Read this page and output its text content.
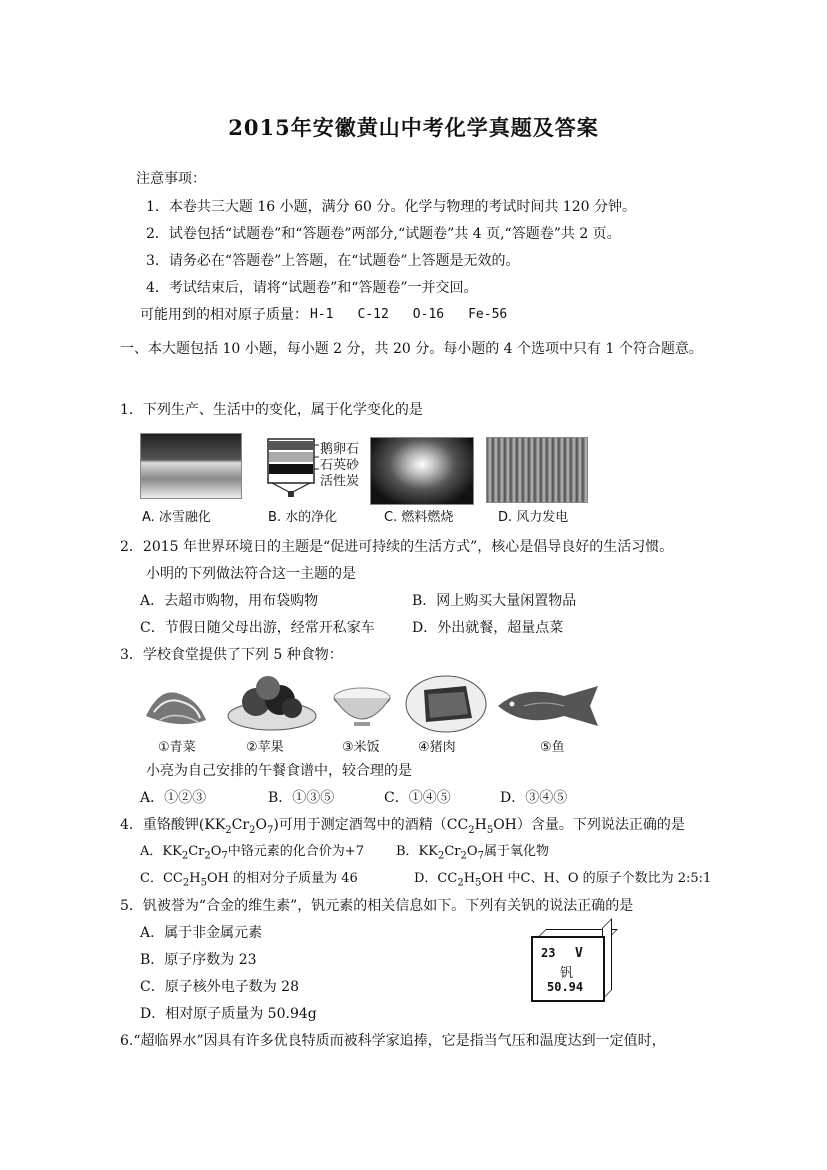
2015年安徽黄山中考化学真题及答案
注意事项：
1．本卷共三大题 16 小题，满分 60 分。化学与物理的考试时间共 120 分钟。
2．试卷包括“试题卷”和“答题卷”两部分,“试题卷”共 4 页,“答题卷”共 2 页。
3．请务必在“答题卷”上答题，在“试题卷”上答题是无效的。
4．考试结束后，请将“试题卷”和“答题卷”一并交回。
可能用到的相对原子质量： H-1 C-12 O-16 Fe-56
一、本大题包括 10 小题，每小题 2 分，共 20 分。每小题的 4 个选项中只有 1 个符合题意。
1．下列生产、生活中的变化，属于化学变化的是
鹅卵石
石英砂
活性炭
A. 冰雪融化	B. 水的净化	C. 燃料燃烧	D. 风力发电
2．2015 年世界环境日的主题是“促进可持续的生活方式”，核心是倡导良好的生活习惯。
小明的下列做法符合这一主题的是
A．去超市购物，用布袋购物	B．网上购买大量闲置物品
C．节假日随父母出游，经常开私家车	D．外出就餐，超量点菜
3．学校食堂提供了下列 5 种食物：
①青菜	②苹果	③米饭	④猪肉	⑤鱼
小亮为自己安排的午餐食谱中，较合理的是
A．①②③	B．①③⑤	C．①④⑤	D．③④⑤
4．重铬酸钾(K $K_2Cr_2O_7$ )可用于测定酒驾中的酒精（C $C_2H_5$ OH）含量。下列说法正确的是
A．K $K_2Cr_2O_7$ 中铬元素的化合价为+7 B．K $K_2Cr_2O_7$ 属于氧化物
C．C $C_2H_5$ OH 的相对分子质量为 46	D．C $C_2H_5$ OH 中C、H、O 的原子个数比为 2:5:1
5．钒被誉为“合金的维生素”，钒元素的相关信息如下。下列有关钒的说法正确的是
A．属于非金属元素
B．原子序数为 23
C．原子核外电子数为 28
D．相对原子质量为 50.94g
23 V
钒
50.94
6.“超临界水”因具有许多优良特质而被科学家追捧，它是指当气压和温度达到一定值时，
